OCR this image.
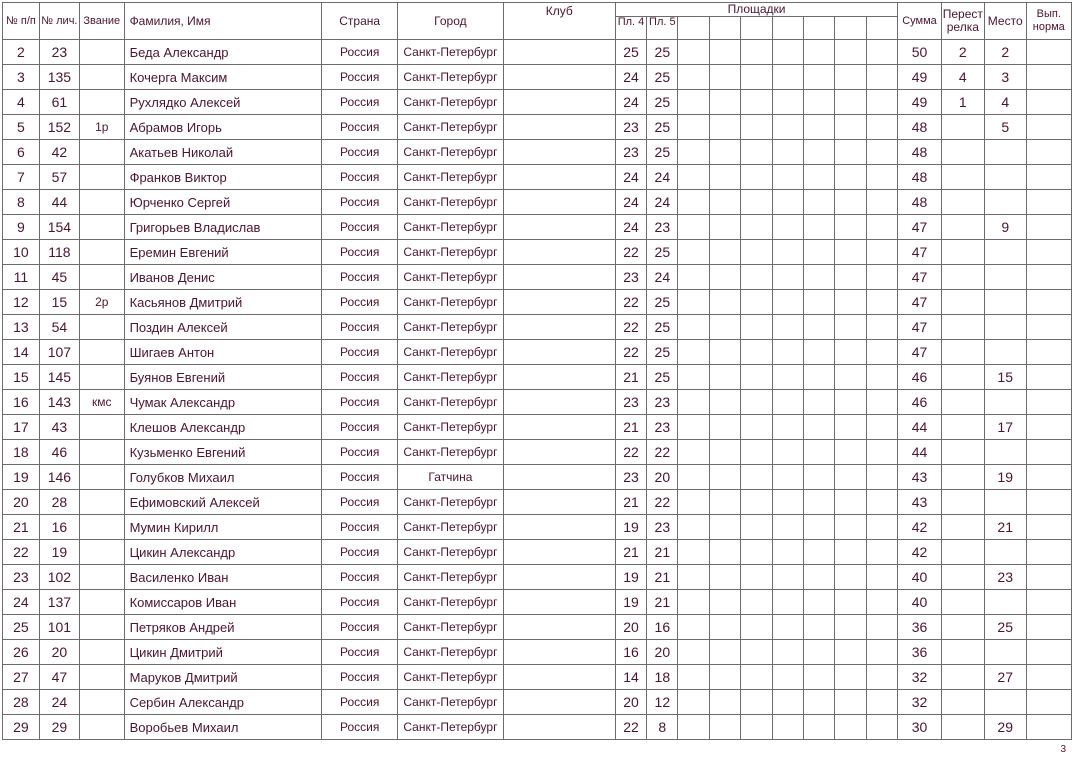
№ п/п	№ лич.	Звание	Фамилия, Имя	Страна	Город	Клуб	Площадки									Сумма	Перестрелка	Место	Вып. норма
							Пл. 4	Пл. 5											
2	23		Беда Александр	Россия	Санкт-Петербург		25	25								50	2	2	
3	135		Кочерга Максим	Россия	Санкт-Петербург		24	25								49	4	3	
4	61		Рухлядко Алексей	Россия	Санкт-Петербург		24	25								49	1	4	
5	152	1р	Абрамов Игорь	Россия	Санкт-Петербург		23	25								48		5	
6	42		Акатьев Николай	Россия	Санкт-Петербург		23	25								48			
7	57		Франков Виктор	Россия	Санкт-Петербург		24	24								48			
8	44		Юрченко Сергей	Россия	Санкт-Петербург		24	24								48			
9	154		Григорьев Владислав	Россия	Санкт-Петербург		24	23								47		9	
10	118		Еремин Евгений	Россия	Санкт-Петербург		22	25								47			
11	45		Иванов Денис	Россия	Санкт-Петербург		23	24								47			
12	15	2р	Касьянов Дмитрий	Россия	Санкт-Петербург		22	25								47			
13	54		Поздин Алексей	Россия	Санкт-Петербург		22	25								47			
14	107		Шигаев Антон	Россия	Санкт-Петербург		22	25								47			
15	145		Буянов Евгений	Россия	Санкт-Петербург		21	25								46		15	
16	143	кмс	Чумак Александр	Россия	Санкт-Петербург		23	23								46			
17	43		Клешов Александр	Россия	Санкт-Петербург		21	23								44		17	
18	46		Кузьменко Евгений	Россия	Санкт-Петербург		22	22								44			
19	146		Голубков Михаил	Россия	Гатчина		23	20								43		19	
20	28		Ефимовский Алексей	Россия	Санкт-Петербург		21	22								43			
21	16		Мумин Кирилл	Россия	Санкт-Петербург		19	23								42		21	
22	19		Цикин Александр	Россия	Санкт-Петербург		21	21								42			
23	102		Василенко Иван	Россия	Санкт-Петербург		19	21								40		23	
24	137		Комиссаров Иван	Россия	Санкт-Петербург		19	21								40			
25	101		Петряков Андрей	Россия	Санкт-Петербург		20	16								36		25	
26	20		Цикин Дмитрий	Россия	Санкт-Петербург		16	20								36			
27	47		Маруков Дмитрий	Россия	Санкт-Петербург		14	18								32		27	
28	24		Сербин Александр	Россия	Санкт-Петербург		20	12								32			
29	29		Воробьев Михаил	Россия	Санкт-Петербург		22	8								30		29	
3
